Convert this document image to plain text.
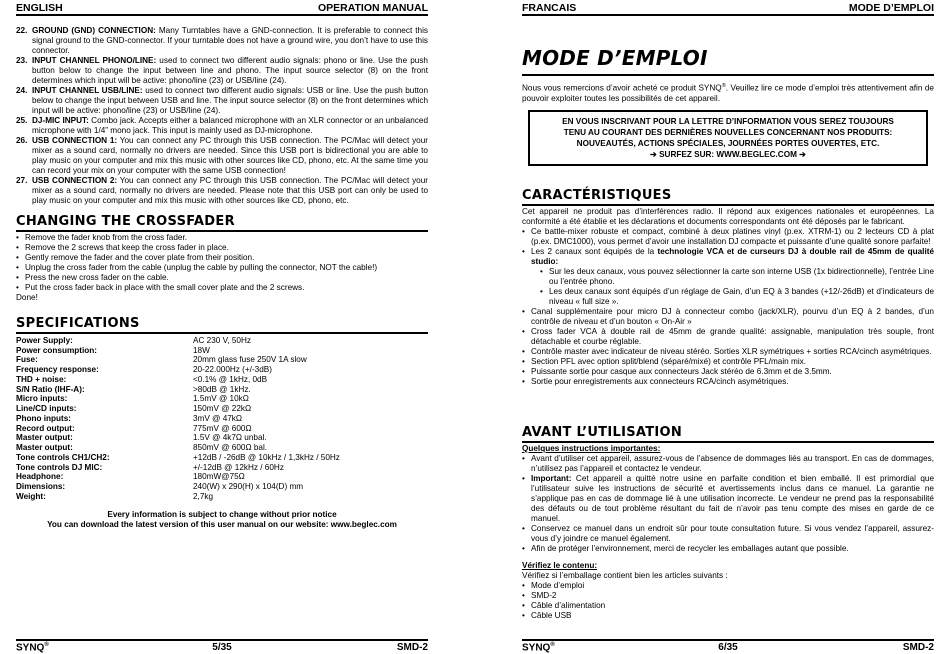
ENGLISH	OPERATION MANUAL
22. GROUND (GND) CONNECTION: Many Turntables have a GND-connection. It is preferable to connect this signal ground to the GND-connector. If your turntable does not have a ground wire, you don’t have to use this connector.
23. INPUT CHANNEL PHONO/LINE: used to connect two different audio signals: phono or line. Use the push button below to change the input between line and phono. The input source selector (8) on the front determines which input will be active: phono/line (23) or USB/line (24).
24. INPUT CHANNEL USB/LINE: used to connect two different audio signals: USB or line. Use the push button below to change the input between USB and line. The input source selector (8) on the front determines which input will be active: phono/line (23) or USB/line (24).
25. DJ-MIC INPUT: Combo jack. Accepts either a balanced microphone with an XLR connector or an unbalanced microphone with 1/4” mono jack. This input is mainly used as DJ-microphone.
26. USB CONNECTION 1: You can connect any PC through this USB connection. The PC/Mac will detect your mixer as a sound card, normally no drivers are needed. Since this USB port is bidirectional you are able to play music on your computer and mix this music with other sources like CD, phono, etc. At the same time you can record your mix on your computer with the same USB connection!
27. USB CONNECTION 2: You can connect any PC through this USB connection. The PC/Mac will detect your mixer as a sound card, normally no drivers are needed. Please note that this USB port can only be used to play music on your computer and mix this music with other sources like CD, phono, etc.
CHANGING THE CROSSFADER
• Remove the fader knob from the cross fader.
• Remove the 2 screws that keep the cross fader in place.
• Gently remove the fader and the cover plate from their position.
• Unplug the cross fader from the cable (unplug the cable by pulling the connector, NOT the cable!)
• Press the new cross fader on the cable.
• Put the cross fader back in place with the small cover plate and the 2 screws.
Done!
SPECIFICATIONS
Power Supply:	AC 230 V, 50Hz
Power consumption:	18W
Fuse:	20mm glass fuse 250V 1A slow
Frequency response:	20-22.000Hz (+/-3dB)
THD + noise:	<0.1% @ 1kHz, 0dB
S/N Ratio (IHF-A):	>80dB @ 1kHz.
Micro inputs:	1.5mV @ 10kΩ
Line/CD inputs:	150mV @ 22kΩ
Phono inputs:	3mV @ 47kΩ
Record output:	775mV @ 600Ω
Master output:	1.5V @ 4k7Ω unbal.
Master output:	850mV @ 600Ω bal.
Tone controls CH1/CH2:	+12dB / -26dB @ 10kHz / 1,3kHz / 50Hz
Tone controls DJ MIC:	+/-12dB @ 12kHz / 60Hz
Headphone:	180mW@75Ω
Dimensions:	240(W) x 290(H) x 104(D) mm
Weight:	2,7kg
Every information is subject to change without prior notice
You can download the latest version of this user manual on our website: www.beglec.com
SYNQ®	5/35	SMD-2
FRANCAIS	MODE D’EMPLOI
MODE D’EMPLOI
Nous vous remercions d’avoir acheté ce produit SYNQ®. Veuillez lire ce mode d’emploi très attentivement afin de pouvoir exploiter toutes les possibilités de cet appareil.
EN VOUS INSCRIVANT POUR LA LETTRE D’INFORMATION VOUS SEREZ TOUJOURS
TENU AU COURANT DES DERNIÈRES NOUVELLES CONCERNANT NOS PRODUITS:
NOUVEAUTÉS, ACTIONS SPÉCIALES, JOURNÉES PORTES OUVERTES, ETC.
➔ SURFEZ SUR: WWW.BEGLEC.COM ➔
CARACTÉRISTIQUES
Cet appareil ne produit pas d’interférences radio. Il répond aux exigences nationales et européennes. La conformité a été établie et les déclarations et documents correspondants ont été déposés par le fabricant.
• Ce battle-mixer robuste et compact, combiné à deux platines vinyl (p.ex. XTRM-1) ou 2 lecteurs CD à plat (p.ex. DMC1000), vous permet d’avoir une installation DJ compacte et puissante d’une qualité sonore parfaite!
• Les 2 canaux sont équipés de la technologie VCA et de curseurs DJ à double rail de 45mm de qualité studio:
• Sur les deux canaux, vous pouvez sélectionner la carte son interne USB (1x bidirectionnelle), l’entrée Line ou l’entrée phono.
• Les deux canaux sont équipés d’un réglage de Gain, d’un EQ à 3 bandes (+12/-26dB) et d’indicateurs de niveau « full size ».
• Canal supplémentaire pour micro DJ à connecteur combo (jack/XLR), pourvu d’un EQ à 2 bandes, d’un contrôle de niveau et d’un bouton « On-Air »
• Cross fader VCA à double rail de 45mm de grande qualité: assignable, manipulation très souple, front détachable et courbe réglable.
• Contrôle master avec indicateur de niveau stéréo. Sorties XLR symétriques + sorties RCA/cinch asymétriques.
• Section PFL avec option split/blend (séparé/mixé) et contrôle PFL/main mix.
• Puissante sortie pour casque aux connecteurs Jack stéréo de 6.3mm et de 3.5mm.
• Sortie pour enregistrements aux connecteurs RCA/cinch asymétriques.
AVANT L’UTILISATION
Quelques instructions importantes:
• Avant d’utiliser cet appareil, assurez-vous de l’absence de dommages liés au transport. En cas de dommages, n’utilisez pas l’appareil et contactez le vendeur.
• Important: Cet appareil a quitté notre usine en parfaite condition et bien emballé. Il est primordial que l’utilisateur suive les instructions de sécurité et avertissements inclus dans ce manuel. La garantie ne s’applique pas en cas de dommage lié à une utilisation incorrecte. Le vendeur ne prend pas la responsabilité des défauts ou de tout problème résultant du fait de n’avoir pas tenu compte des mises en garde de ce manuel.
• Conservez ce manuel dans un endroit sûr pour toute consultation future. Si vous vendez l’appareil, assurez-vous d’y joindre ce manuel également.
• Afin de protéger l’environnement, merci de recycler les emballages autant que possible.
Vérifiez le contenu:
Vérifiez si l’emballage contient bien les articles suivants :
• Mode d’emploi
• SMD-2
• Câble d’alimentation
• Câble USB
SYNQ®	6/35	SMD-2
